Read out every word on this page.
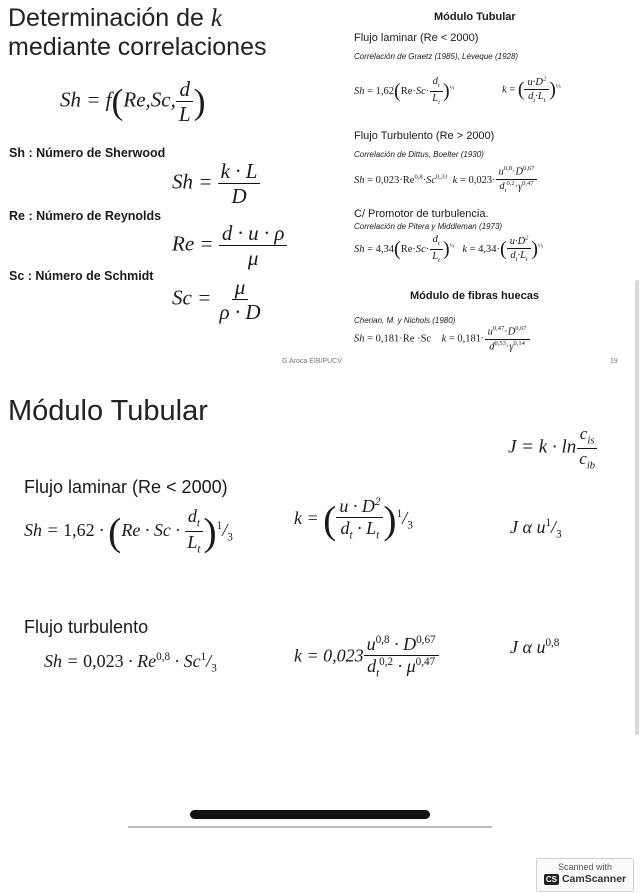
Determinación de k
mediante correlaciones
Sh = f(Re,Sc, $\frac{d}{L}$ )
Sh : Número de Sherwood
$Sh = \frac{k \cdot L}{D}$
Re : Número de Reynolds
$Re = \frac{d \cdot u \cdot \rho}{\mu}$
Sc : Número de Schmidt
$Sc = \frac{\mu}{\rho \cdot D}$
G Aroca EIB/PUCV	19
Módulo Tubular
Flujo laminar (Re < 2000)
Correlación de Graetz (1985), Léveque (1928)
$Sh = 1,62(Re\cdot Sc\cdot \frac{d_t}{L_t} )^{\frac{1}{3}}$	k = ( $\frac{u\cdot D^2}{d_t\cdot L_t} )^{\frac{1}{3}}$
Flujo Turbulento (Re > 2000)
Correlación de Dittus, Boelter (1930)
Sh = 0,023·Re$^{0,8}$·Sc$^{0,33}$ $k = 0,023\cdot \frac{u^{0,8}\cdot D^{0,67}}{d_t^{0,2}\cdot\gamma^{0,47}}$
C/ Promotor de turbulencia.
Correlación de Pitera y Middleman (1973)
$Sh = 4,34(Re\cdot Sc\cdot \frac{d_t}{L_t} )^{\frac{1}{3}}$ $k = 4,34\cdot( \frac{u\cdot D^2}{d_t\cdot L_t} )^{\frac{1}{3}}$
Módulo de fibras huecas
Cherian, M. y Nichols (1980)
Sh = 0,181·Re ·Sc    $k = 0,181\cdot \frac{u^{0,47}\cdot D^{0,67}}{d^{0,53}\cdot\gamma^{0,14}}$
Módulo Tubular
$J = k \cdot \ln \frac{c_{is}}{c_{ib}}$
Flujo laminar (Re < 2000)
$Sh = 1,62 \cdot (Re \cdot Sc \cdot \frac{d_t}{L_t} )^1/_3$
k = ( $\frac{u \cdot D^2}{d_t \cdot L_t} )^1/_3$	J α $u^1/_3$
Flujo turbulento
$Sh = 0,023 \cdot Re^{0,8} \cdot Sc^1/_3$
$k = 0,023 \frac{u^{0,8} \cdot D^{0,67}}{d_t^{0,2} \cdot \mu^{0,47}}$	J α $u^{0,8}$
Scanned with
CS CamScanner
